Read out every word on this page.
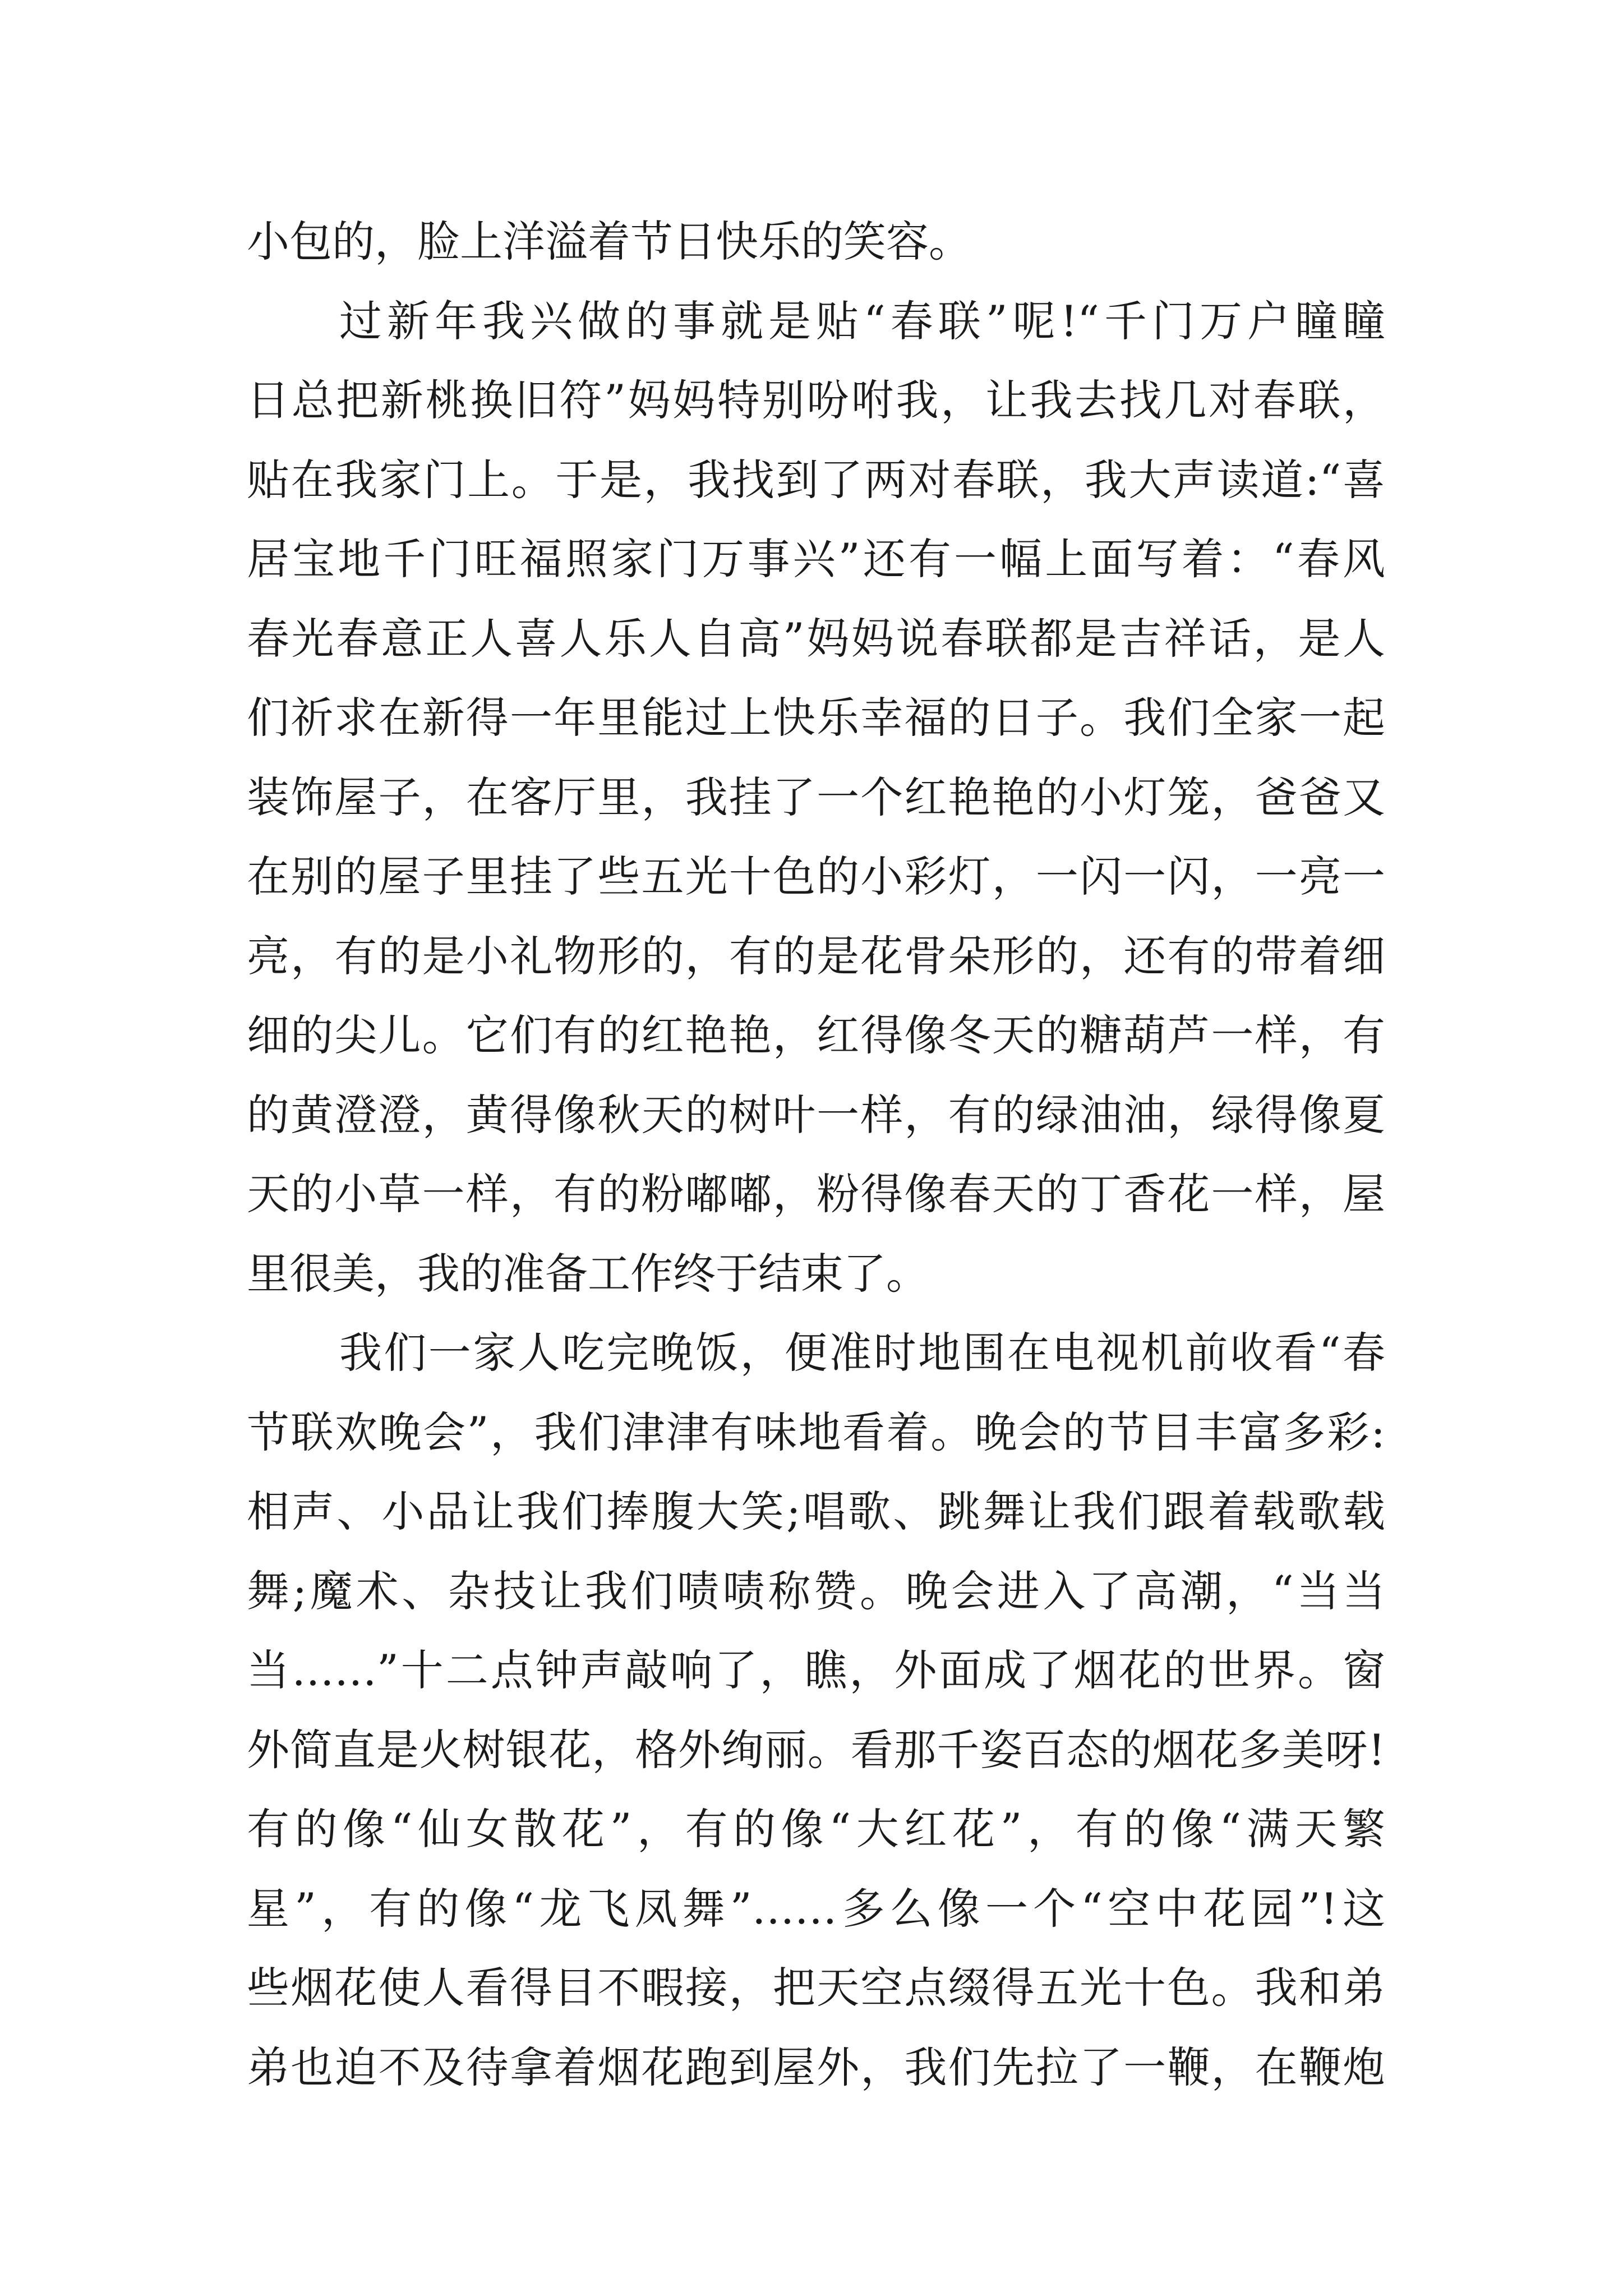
小包的，脸上洋溢着节日快乐的笑容。
过新年我兴做的事就是贴“春联”呢!“千门万户瞳瞳
日总把新桃换旧符”妈妈特别吩咐我，让我去找几对春联，
贴在我家门上。于是，我找到了两对春联，我大声读道:“喜
居宝地千门旺福照家门万事兴”还有一幅上面写着：“春风
春光春意正人喜人乐人自高”妈妈说春联都是吉祥话，是人
们祈求在新得一年里能过上快乐幸福的日子。我们全家一起
装饰屋子，在客厅里，我挂了一个红艳艳的小灯笼，爸爸又
在别的屋子里挂了些五光十色的小彩灯，一闪一闪，一亮一
亮，有的是小礼物形的，有的是花骨朵形的，还有的带着细
细的尖儿。它们有的红艳艳，红得像冬天的糖葫芦一样，有
的黄澄澄，黄得像秋天的树叶一样，有的绿油油，绿得像夏
天的小草一样，有的粉嘟嘟，粉得像春天的丁香花一样，屋
里很美，我的准备工作终于结束了。
我们一家人吃完晚饭，便准时地围在电视机前收看“春
节联欢晚会”，我们津津有味地看着。晚会的节目丰富多彩:
相声、小品让我们捧腹大笑;唱歌、跳舞让我们跟着载歌载
舞;魔术、杂技让我们啧啧称赞。晚会进入了高潮，“当当
当……”十二点钟声敲响了，瞧，外面成了烟花的世界。窗
外简直是火树银花，格外绚丽。看那千姿百态的烟花多美呀!
有的像“仙女散花”，有的像“大红花”，有的像“满天繁
星”，有的像“龙飞凤舞”……多么像一个“空中花园”!这
些烟花使人看得目不暇接，把天空点缀得五光十色。我和弟
弟也迫不及待拿着烟花跑到屋外，我们先拉了一鞭，在鞭炮
